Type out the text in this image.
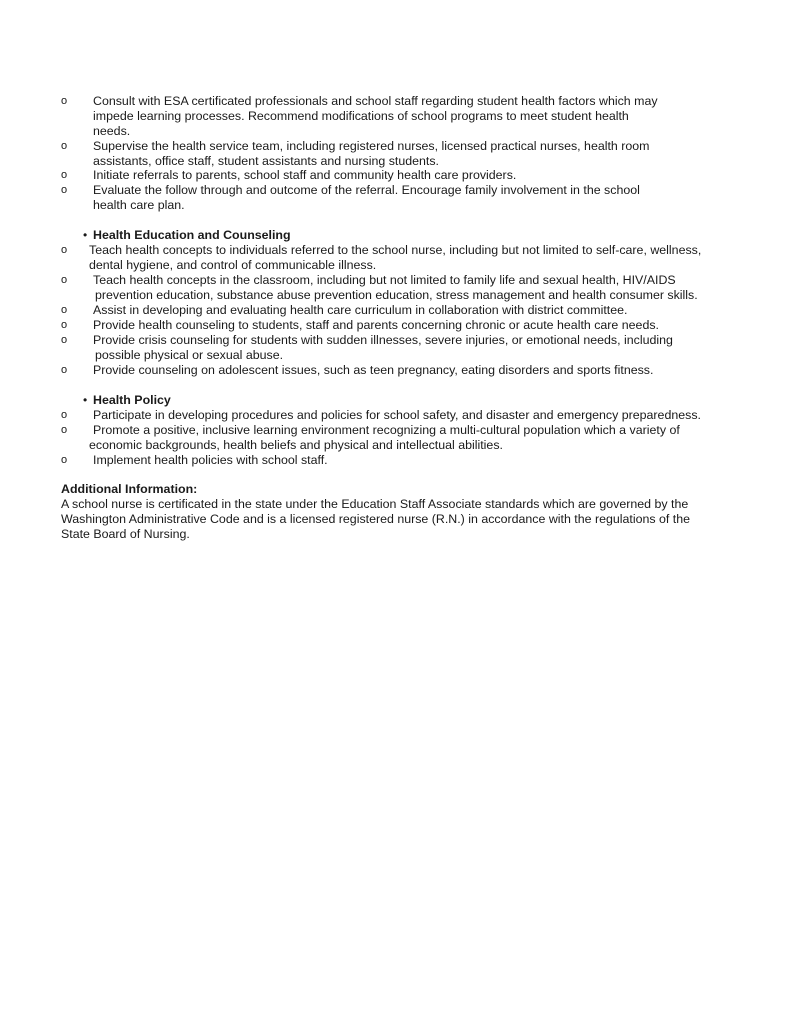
o Consult with ESA certificated professionals and school staff regarding student health factors which may
impede learning processes. Recommend modifications of school programs to meet student health
needs.
o Supervise the health service team, including registered nurses, licensed practical nurses, health room
assistants, office staff, student assistants and nursing students.
o Initiate referrals to parents, school staff and community health care providers.
o Evaluate the follow through and outcome of the referral. Encourage family involvement in the school
health care plan.
• Health Education and Counseling
o Teach health concepts to individuals referred to the school nurse, including but not limited to self-care, wellness,
dental hygiene, and control of communicable illness.
o Teach health concepts in the classroom, including but not limited to family life and sexual health, HIV/AIDS
prevention education, substance abuse prevention education, stress management and health consumer skills.
o Assist in developing and evaluating health care curriculum in collaboration with district committee.
o Provide health counseling to students, staff and parents concerning chronic or acute health care needs.
o Provide crisis counseling for students with sudden illnesses, severe injuries, or emotional needs, including
possible physical or sexual abuse.
o Provide counseling on adolescent issues, such as teen pregnancy, eating disorders and sports fitness.
• Health Policy
o Participate in developing procedures and policies for school safety, and disaster and emergency preparedness.
o Promote a positive, inclusive learning environment recognizing a multi-cultural population which a variety of
economic backgrounds, health beliefs and physical and intellectual abilities.
o Implement health policies with school staff.
Additional Information:
A school nurse is certificated in the state under the Education Staff Associate standards which are governed by the
Washington Administrative Code and is a licensed registered nurse (R.N.) in accordance with the regulations of the
State Board of Nursing.
